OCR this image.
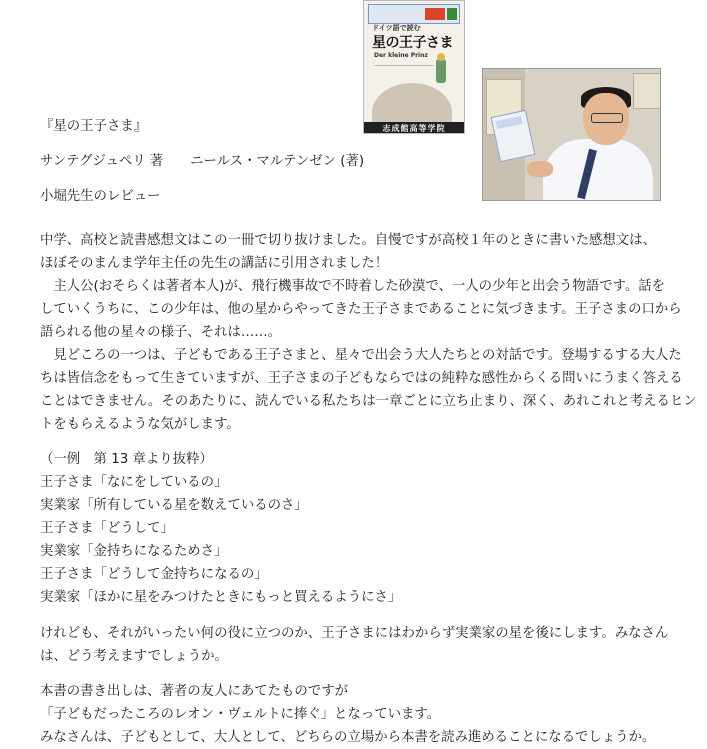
ドイツ語で読む
星の王子さま
Der kleine Prinz
志成館高等学院
『星の王子さま』
サンテグジュペリ 著　　ニールス・マルテンゼン (著)
小堀先生のレビュー
中学、高校と読書感想文はこの一冊で切り抜けました。自慢ですが高校１年のときに書いた感想文は、
ほぼそのまんま学年主任の先生の講話に引用されました！
　主人公(おそらくは著者本人)が、飛行機事故で不時着した砂漠で、一人の少年と出会う物語です。話を
していくうちに、この少年は、他の星からやってきた王子さまであることに気づきます。王子さまの口から
語られる他の星々の様子、それは……。
　見どころの一つは、子どもである王子さまと、星々で出会う大人たちとの対話です。登場するする大人た
ちは皆信念をもって生きていますが、王子さまの子どもならではの純粋な感性からくる問いにうまく答える
ことはできません。そのあたりに、読んでいる私たちは一章ごとに立ち止まり、深く、あれこれと考えるヒン
トをもらえるような気がします。
（一例　第 13 章より抜粋）
王子さま「なにをしているの」
実業家「所有している星を数えているのさ」
王子さま「どうして」
実業家「金持ちになるためさ」
王子さま「どうして金持ちになるの」
実業家「ほかに星をみつけたときにもっと買えるようにさ」
けれども、それがいったい何の役に立つのか、王子さまにはわからず実業家の星を後にします。みなさん
は、どう考えますでしょうか。
本書の書き出しは、著者の友人にあてたものですが
「子どもだったころのレオン・ヴェルトに捧ぐ」となっています。
みなさんは、子どもとして、大人として、どちらの立場から本書を読み進めることになるでしょうか。
